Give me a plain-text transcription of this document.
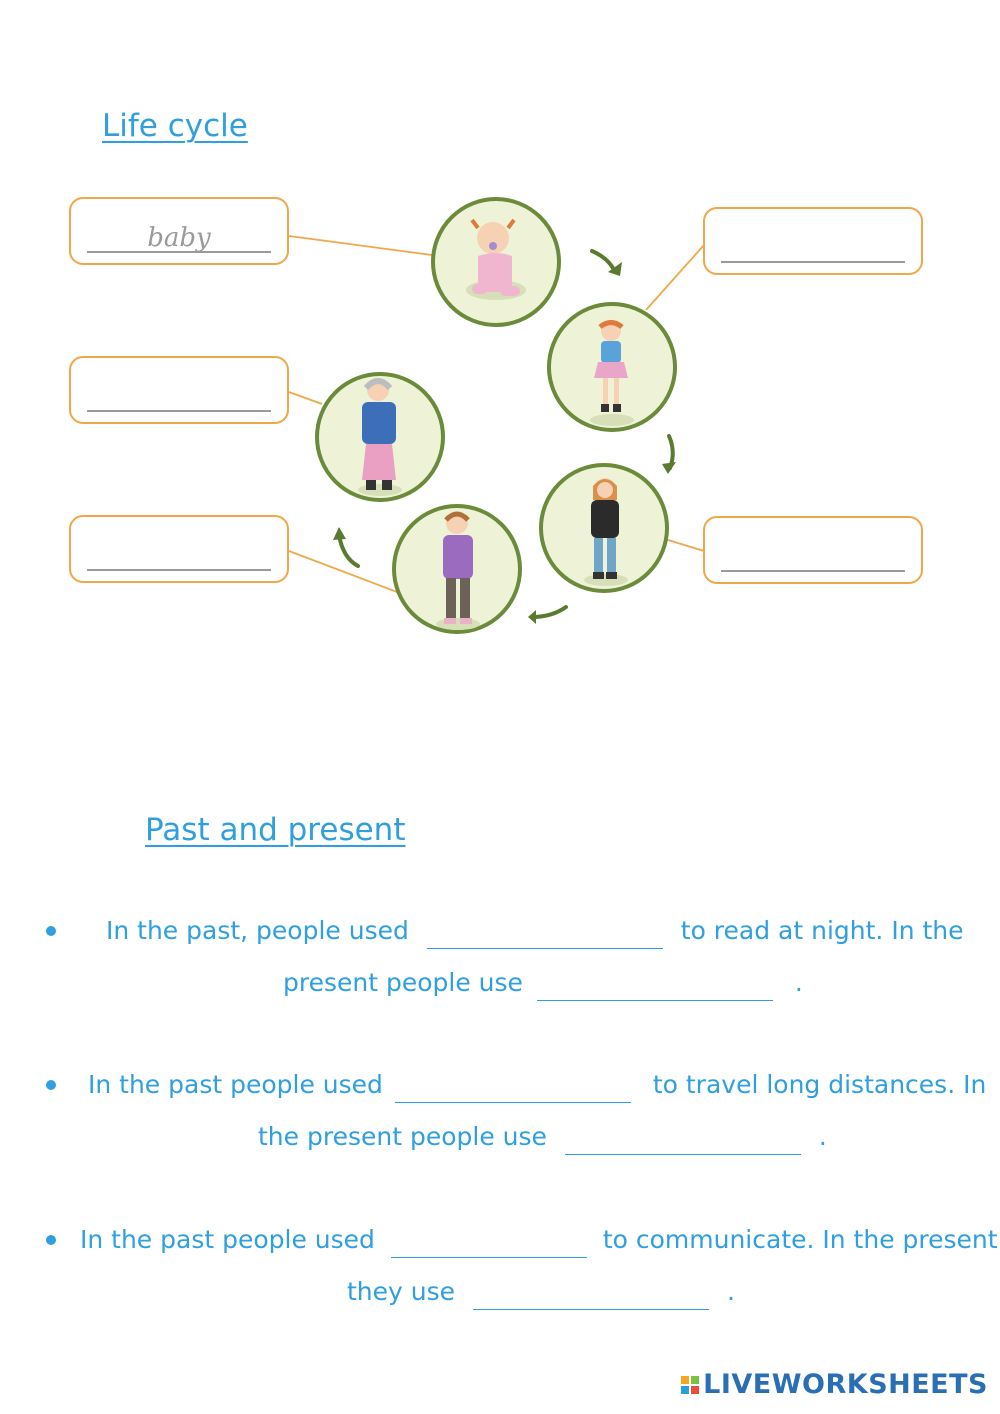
Life cycle
baby
Past and present
In the past, people used	to read at night. In the
present people use	.
In the past people used	to travel long distances. In
the present people use	.
In the past people used	to communicate. In the present
they use	.
LIVEWORKSHEETS
